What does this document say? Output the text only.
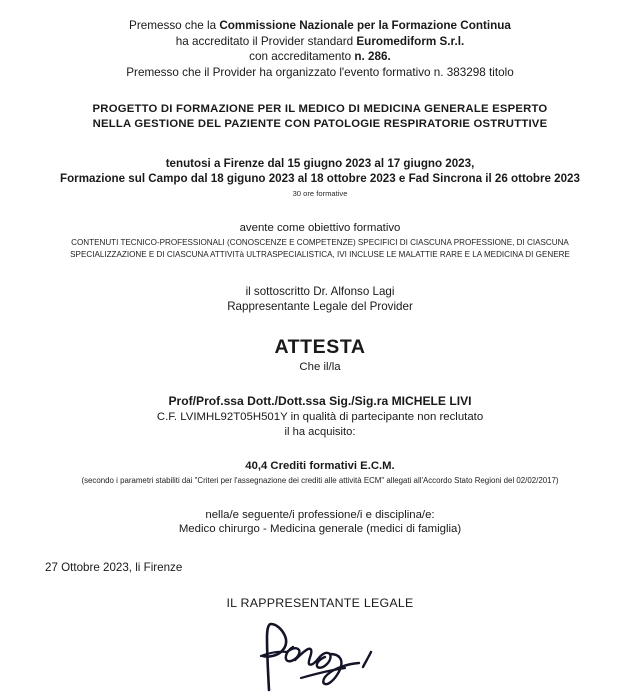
Premesso che la Commissione Nazionale per la Formazione Continua
ha accreditato il Provider standard Euromediform S.r.l.
con accreditamento n. 286.
Premesso che il Provider ha organizzato l'evento formativo n. 383298 titolo
PROGETTO DI FORMAZIONE PER IL MEDICO DI MEDICINA GENERALE ESPERTO
NELLA GESTIONE DEL PAZIENTE CON PATOLOGIE RESPIRATORIE OSTRUTTIVE
tenutosi a Firenze dal 15 giugno 2023 al 17 giugno 2023,
Formazione sul Campo dal 18 giguno 2023 al 18 ottobre 2023 e Fad Sincrona il 26 ottobre 2023
30 ore formative
avente come obiettivo formativo
CONTENUTI TECNICO-PROFESSIONALI (CONOSCENZE E COMPETENZE) SPECIFICI DI CIASCUNA PROFESSIONE, DI CIASCUNA
SPECIALIZZAZIONE E DI CIASCUNA ATTIVITà ULTRASPECIALISTICA, IVI INCLUSE LE MALATTIE RARE E LA MEDICINA DI GENERE
il sottoscritto Dr. Alfonso Lagi
Rappresentante Legale del Provider
ATTESTA
Che il/la
Prof/Prof.ssa Dott./Dott.ssa Sig./Sig.ra MICHELE LIVI
C.F. LVIMHL92T05H501Y in qualità di partecipante non reclutato
il ha acquisito:
40,4 Crediti formativi E.C.M.
(secondo i parametri stabiliti dai "Criteri per l'assegnazione dei crediti alle attività ECM" allegati all'Accordo Stato Regioni del 02/02/2017)
nella/e seguente/i professione/i e disciplina/e:
Medico chirurgo - Medicina generale (medici di famiglia)
27 Ottobre 2023, li Firenze
IL RAPPRESENTANTE LEGALE
